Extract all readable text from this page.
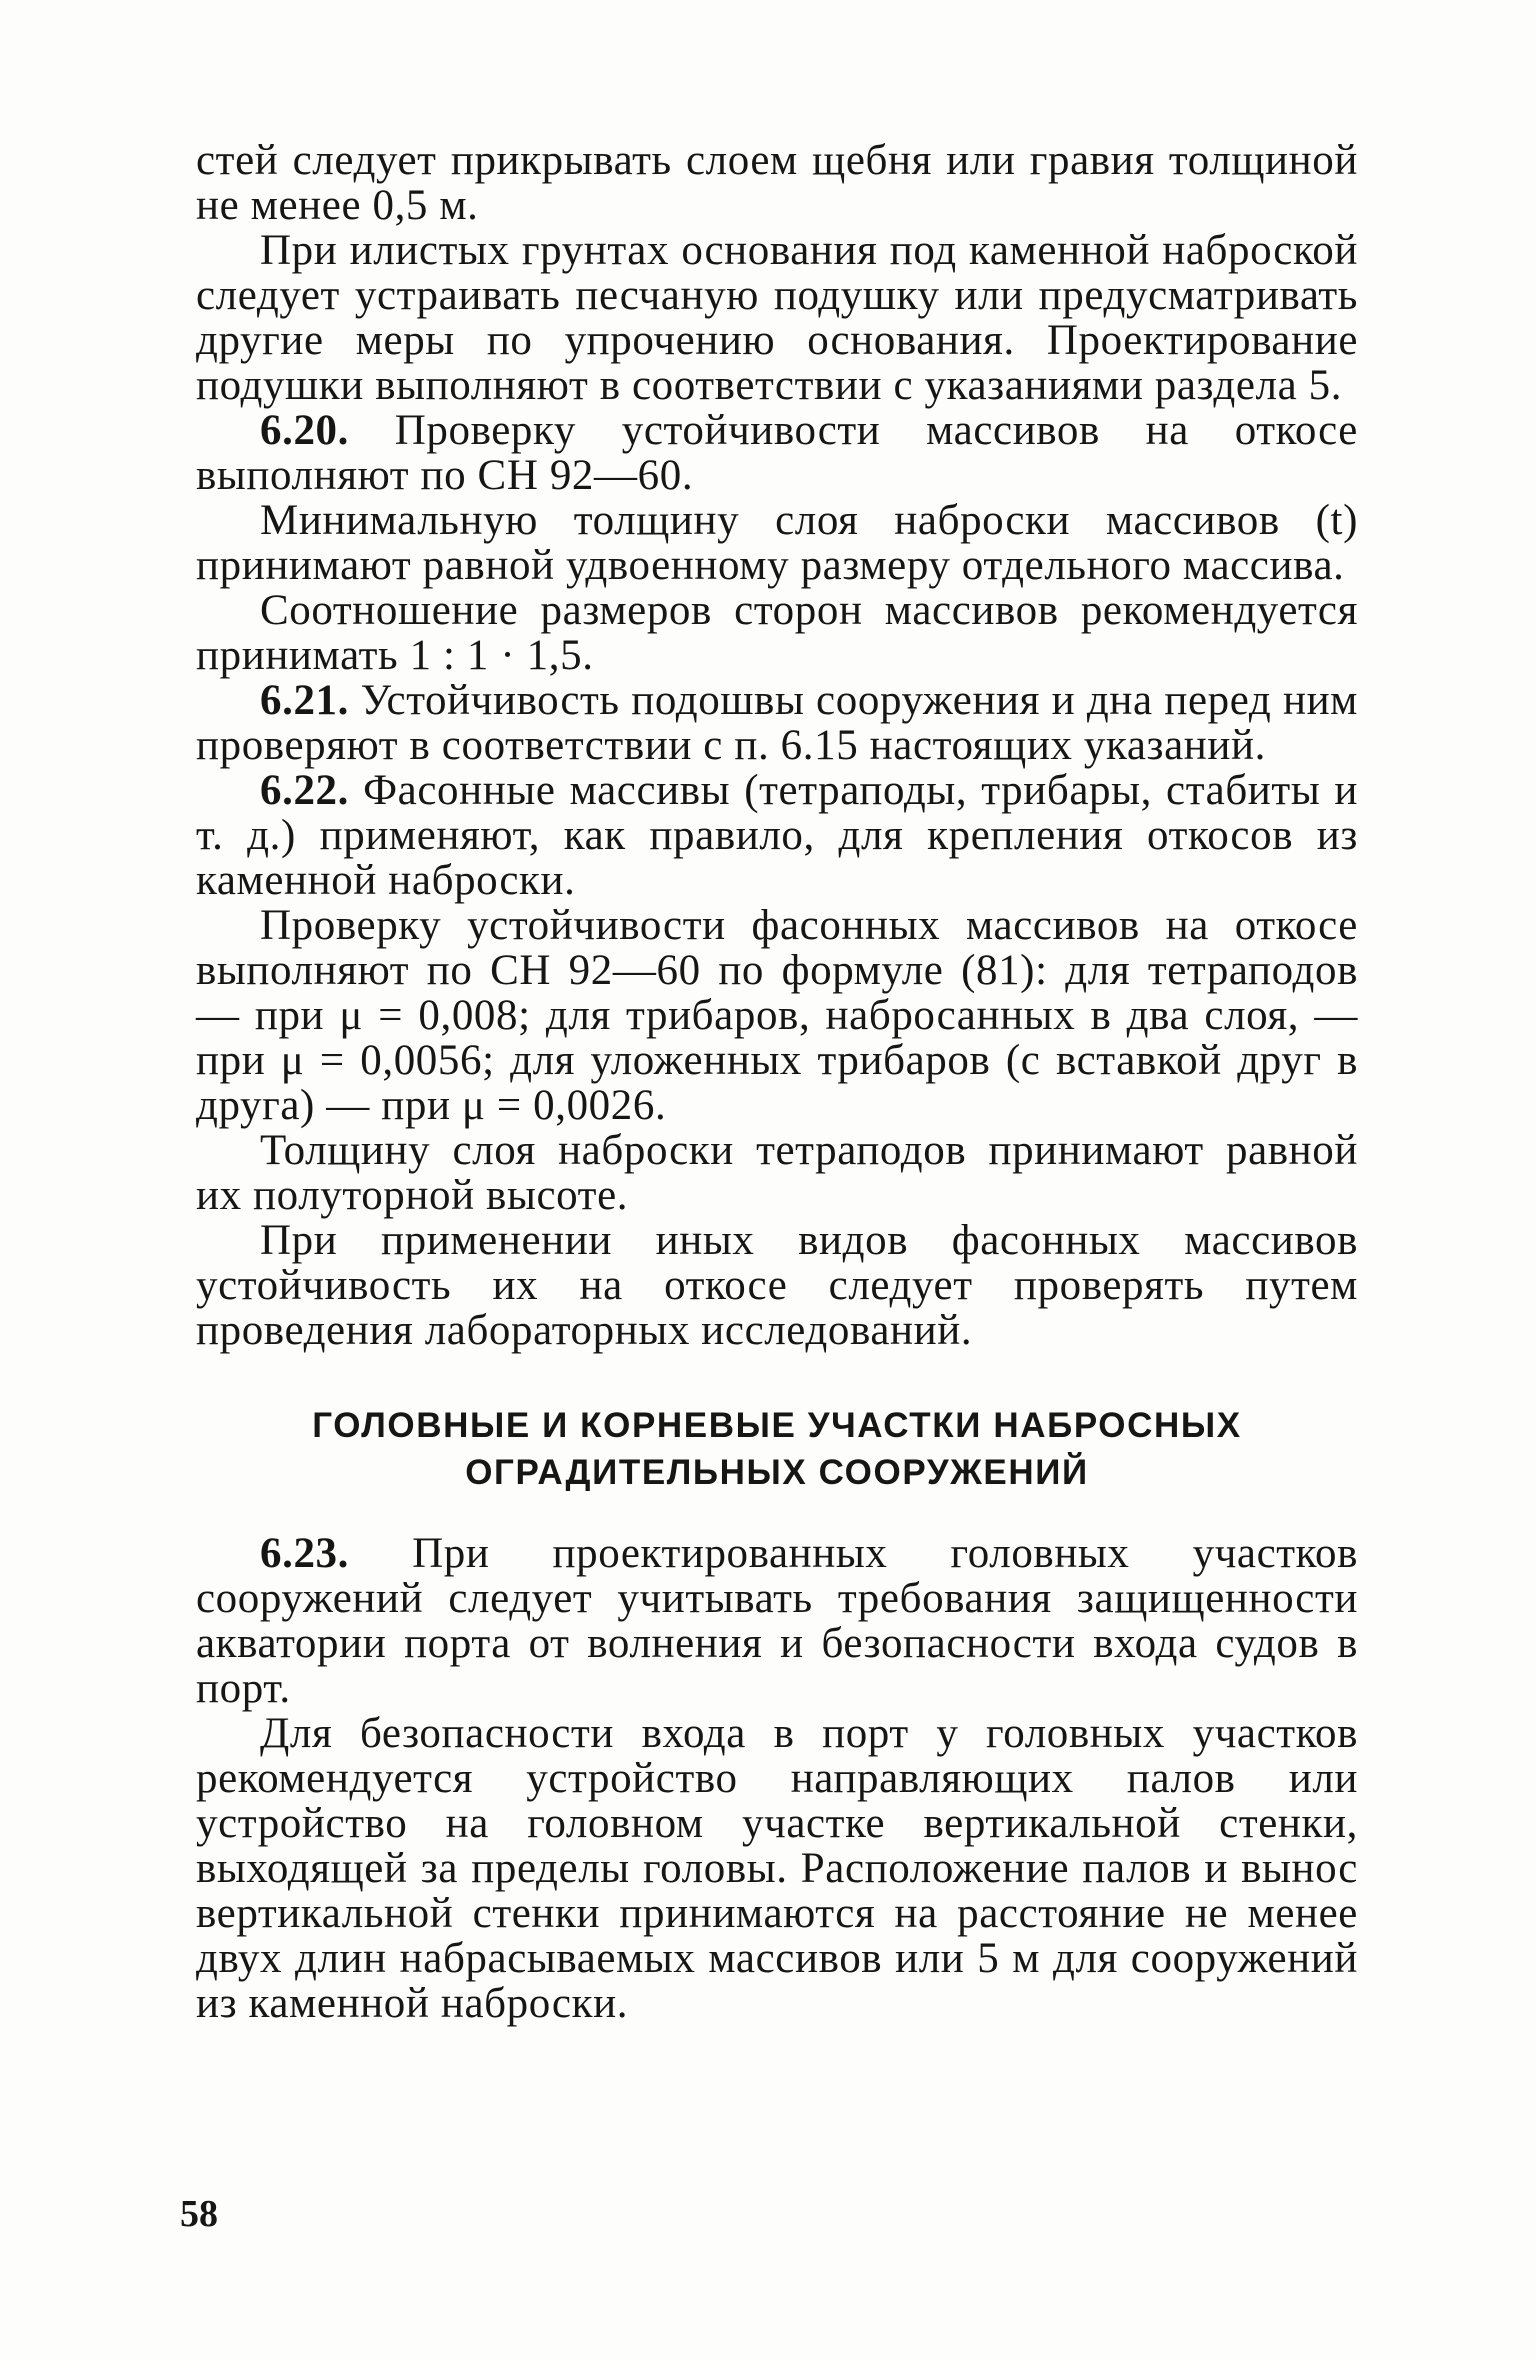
стей следует прикрывать слоем щебня или гравия толщиной не менее 0,5 м.

При илистых грунтах основания под каменной наброской следует устраивать песчаную подушку или предусматривать другие меры по упрочению основания. Проектирование подушки выполняют в соответствии с указаниями раздела 5.

6.20. Проверку устойчивости массивов на откосе выполняют по СН 92—60.

Минимальную толщину слоя наброски массивов (t) принимают равной удвоенному размеру отдельного массива.

Соотношение размеров сторон массивов рекомендуется принимать 1 : 1 · 1,5.

6.21. Устойчивость подошвы сооружения и дна перед ним проверяют в соответствии с п. 6.15 настоящих указаний.

6.22. Фасонные массивы (тетраподы, трибары, стабиты и т. д.) применяют, как правило, для крепления откосов из каменной наброски.

Проверку устойчивости фасонных массивов на откосе выполняют по СН 92—60 по формуле (81): для тетраподов — при μ = 0,008; для трибаров, набросанных в два слоя, — при μ = 0,0056; для уложенных трибаров (с вставкой друг в друга) — при μ = 0,0026.

Толщину слоя наброски тетраподов принимают равной их полуторной высоте.

При применении иных видов фасонных массивов устойчивость их на откосе следует проверять путем проведения лабораторных исследований.

ГОЛОВНЫЕ И КОРНЕВЫЕ УЧАСТКИ НАБРОСНЫХ
ОГРАДИТЕЛЬНЫХ СООРУЖЕНИЙ

6.23. При проектированных головных участков сооружений следует учитывать требования защищенности акватории порта от волнения и безопасности входа судов в порт.

Для безопасности входа в порт у головных участков рекомендуется устройство направляющих палов или устройство на головном участке вертикальной стенки, выходящей за пределы головы. Расположение палов и вынос вертикальной стенки принимаются на расстояние не менее двух длин набрасываемых массивов или 5 м для сооружений из каменной наброски.

58
